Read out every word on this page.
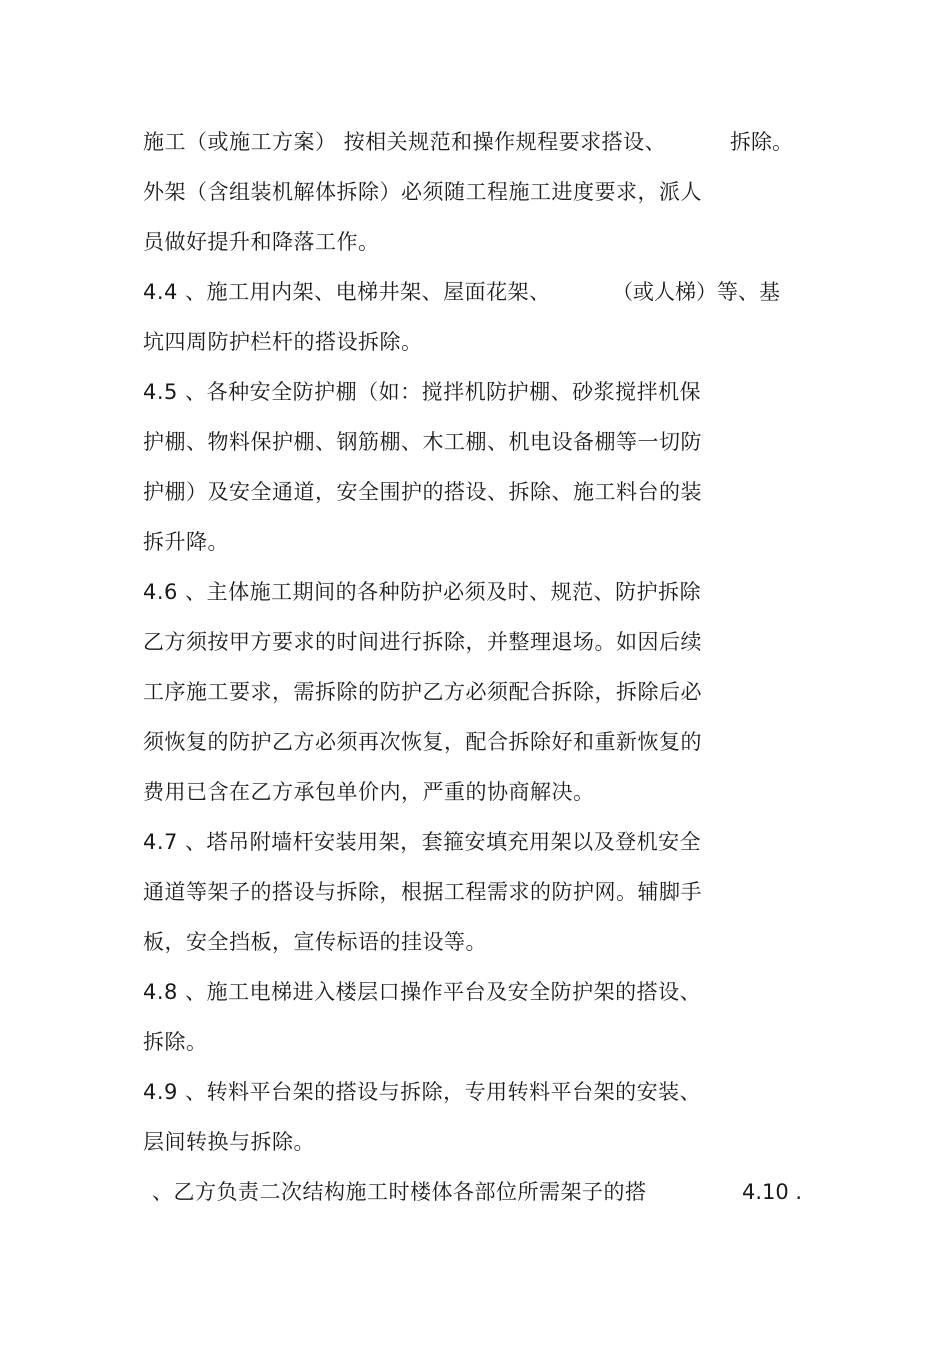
施工（或施工方案） 按相关规范和操作规程要求搭设、	拆除。
外架（含组装机解体拆除）必须随工程施工进度要求，派人
员做好提升和降落工作。
4.4 、施工用内架、电梯井架、屋面花架、	（或人梯）等、基
坑四周防护栏杆的搭设拆除。
4.5 、各种安全防护棚（如：搅拌机防护棚、砂浆搅拌机保
护棚、物料保护棚、钢筋棚、木工棚、机电设备棚等一切防
护棚）及安全通道，安全围护的搭设、拆除、施工料台的装
拆升降。
4.6 、主体施工期间的各种防护必须及时、规范、防护拆除
乙方须按甲方要求的时间进行拆除，并整理退场。如因后续
工序施工要求，需拆除的防护乙方必须配合拆除，拆除后必
须恢复的防护乙方必须再次恢复，配合拆除好和重新恢复的
费用已含在乙方承包单价内，严重的协商解决。
4.7 、塔吊附墙杆安装用架，套箍安填充用架以及登机安全
通道等架子的搭设与拆除，根据工程需求的防护网。辅脚手
板，安全挡板，宣传标语的挂设等。
4.8 、施工电梯进入楼层口操作平台及安全防护架的搭设、
拆除。
4.9 、转料平台架的搭设与拆除，专用转料平台架的安装、
层间转换与拆除。
、乙方负责二次结构施工时楼体各部位所需架子的搭	4.10 .
